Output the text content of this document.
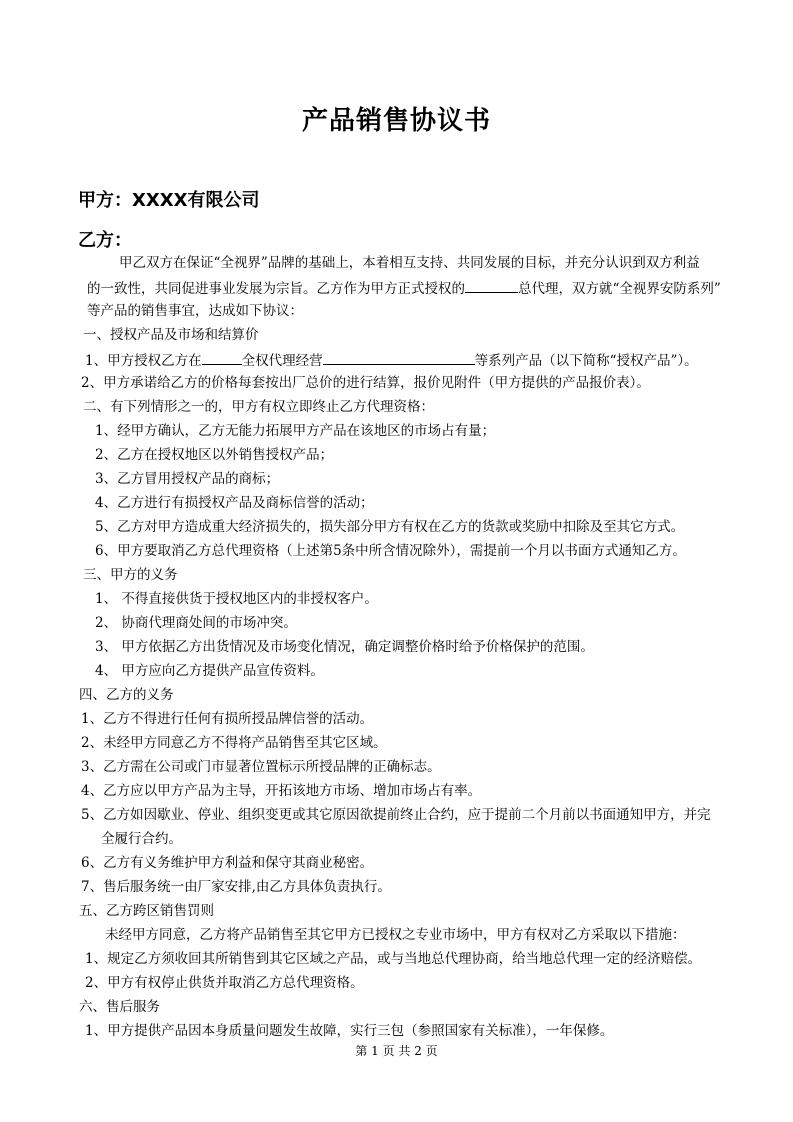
产品销售协议书
甲方：XXXX有限公司
乙方：
甲乙双方在保证“全视界”品牌的基础上，本着相互支持、共同发展的目标，并充分认识到双方利益
的一致性，共同促进事业发展为宗旨。乙方作为甲方正式授权的	总代理，双方就“全视界安防系列”
等产品的销售事宜，达成如下协议：
一、授权产品及市场和结算价
1、甲方授权乙方在	全权代理经营	等系列产品（以下简称“授权产品”）。
2、甲方承诺给乙方的价格每套按出厂总价的进行结算，报价见附件（甲方提供的产品报价表）。
二、有下列情形之一的，甲方有权立即终止乙方代理资格：
1、经甲方确认，乙方无能力拓展甲方产品在该地区的市场占有量；
2、乙方在授权地区以外销售授权产品；
3、乙方冒用授权产品的商标；
4、乙方进行有损授权产品及商标信誉的活动；
5、乙方对甲方造成重大经济损失的，损失部分甲方有权在乙方的货款或奖励中扣除及至其它方式。
6、甲方要取消乙方总代理资格（上述第5条中所含情况除外），需提前一个月以书面方式通知乙方。
三、甲方的义务
1、 不得直接供货于授权地区内的非授权客户。
2、 协商代理商处间的市场冲突。
3、 甲方依据乙方出货情况及市场变化情况，确定调整价格时给予价格保护的范围。
4、 甲方应向乙方提供产品宣传资料。
四、乙方的义务
1、乙方不得进行任何有损所授品牌信誉的活动。
2、未经甲方同意乙方不得将产品销售至其它区域。
3、乙方需在公司或门市显著位置标示所授品牌的正确标志。
4、乙方应以甲方产品为主导，开拓该地方市场、增加市场占有率。
5、乙方如因歇业、停业、组织变更或其它原因欲提前终止合约，应于提前二个月前以书面通知甲方，并完
全履行合约。
6、乙方有义务维护甲方利益和保守其商业秘密。
7、售后服务统一由厂家安排,由乙方具体负责执行。
五、乙方跨区销售罚则
未经甲方同意，乙方将产品销售至其它甲方已授权之专业市场中，甲方有权对乙方采取以下措施：
1、规定乙方须收回其所销售到其它区域之产品，或与当地总代理协商，给当地总代理一定的经济赔偿。
2、甲方有权停止供货并取消乙方总代理资格。
六、售后服务
1、甲方提供产品因本身质量问题发生故障，实行三包（参照国家有关标准），一年保修。
第 1 页 共 2 页
